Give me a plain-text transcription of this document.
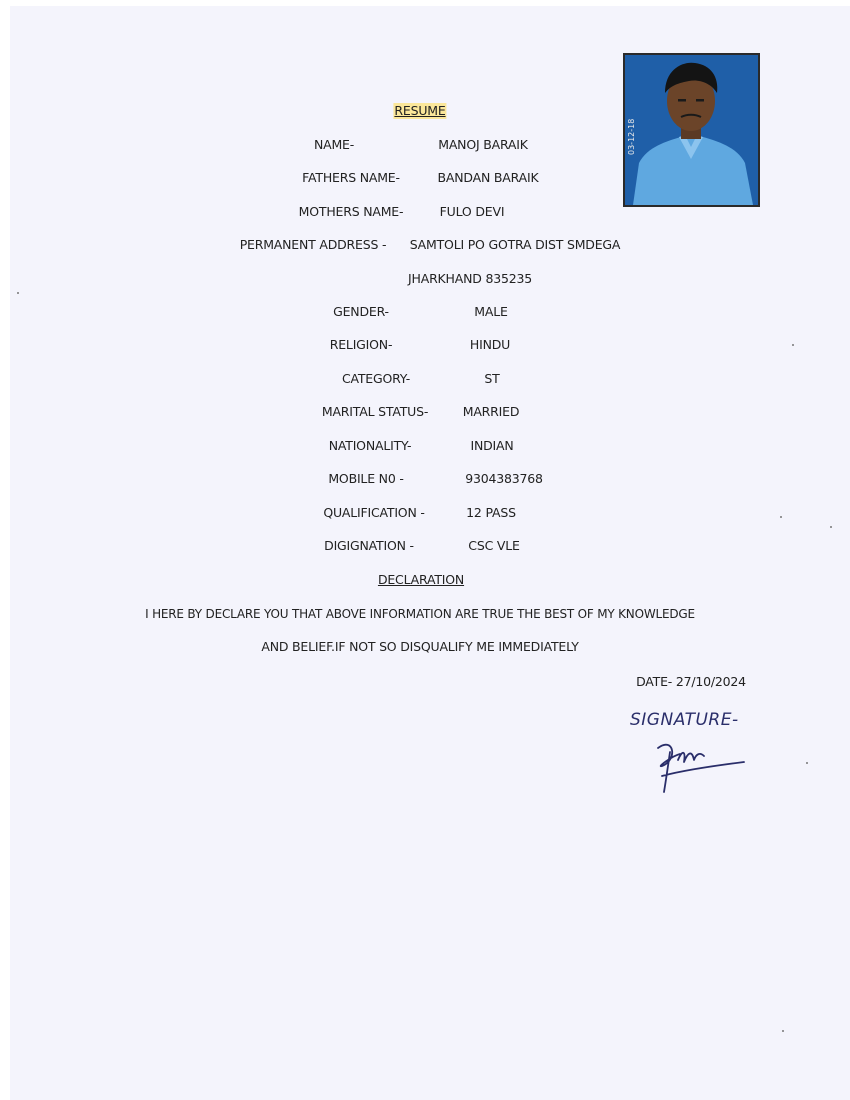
RESUME
NAME-	MANOJ BARAIK
FATHERS NAME-	BANDAN BARAIK
MOTHERS NAME-	FULO DEVI
PERMANENT ADDRESS - SAMTOLI PO GOTRA DIST SMDEGA
JHARKHAND 835235
GENDER-	MALE
RELIGION-	HINDU
CATEGORY-	ST
MARITAL STATUS-	MARRIED
NATIONALITY-	INDIAN
MOBILE N0 -	9304383768
QUALIFICATION -	12 PASS
DIGIGNATION -	CSC VLE
DECLARATION
I HERE BY DECLARE YOU THAT ABOVE INFORMATION ARE TRUE THE BEST OF MY KNOWLEDGE
AND BELIEF.IF NOT SO DISQUALIFY ME IMMEDIATELY
DATE- 27/10/2024
SIGNATURE-
03-12-18
